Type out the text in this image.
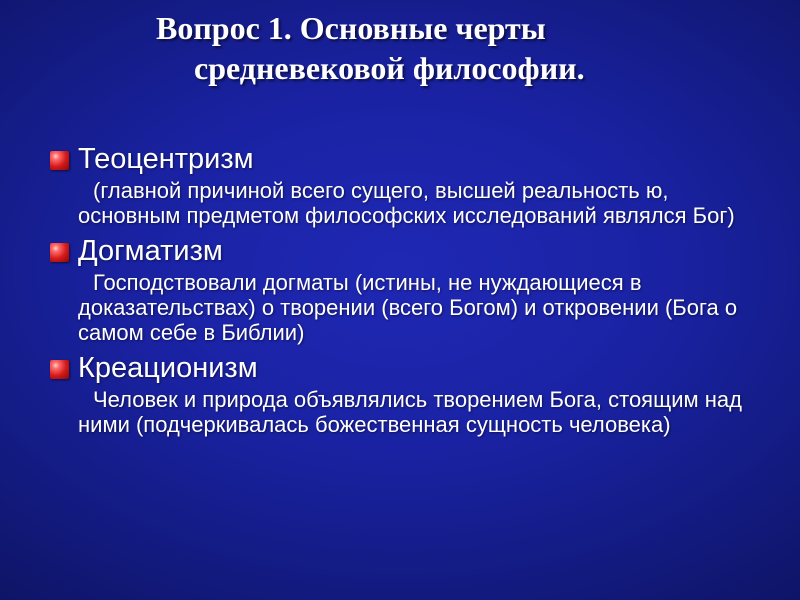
Вопрос 1. Основные черты
средневековой философии.
Теоцентризм

(главной причиной всего сущего, высшей реальность ю, основным предметом философских исследований являлся Бог)

Догматизм

Господствовали догматы (истины, не нуждающиеся в доказательствах) о творении (всего Богом) и откровении (Бога о самом себе в Библии)

Креационизм

Человек и природа объявлялись творением Бога, стоящим над ними (подчеркивалась божественная сущность человека)
